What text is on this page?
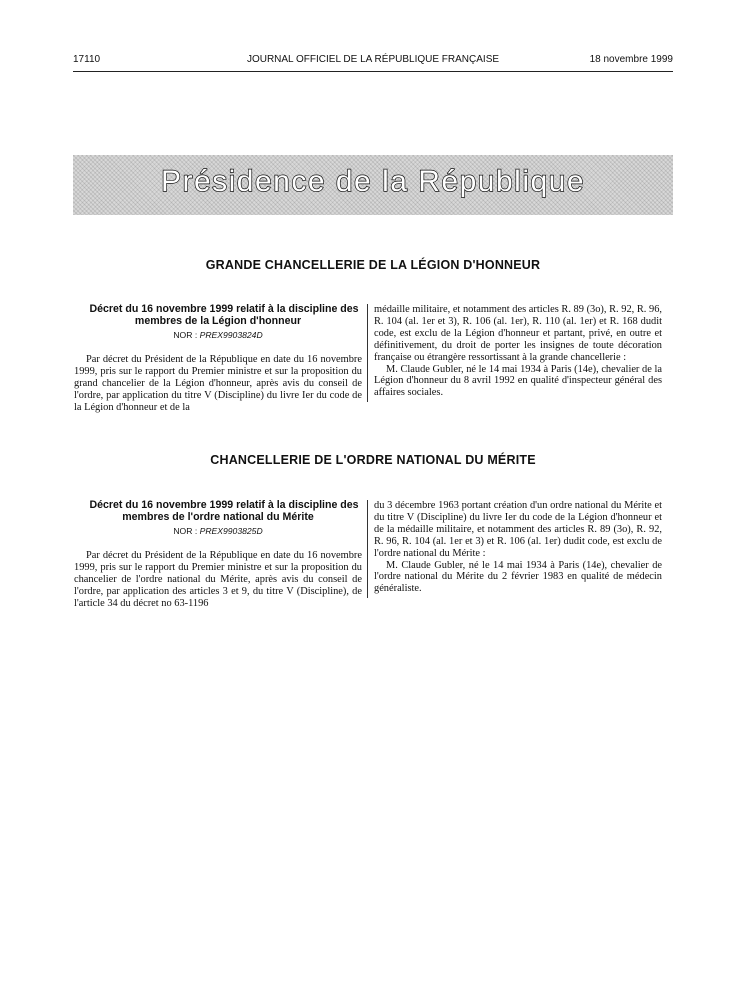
17110	JOURNAL OFFICIEL DE LA RÉPUBLIQUE FRANÇAISE	18 novembre 1999
Présidence de la République
GRANDE CHANCELLERIE DE LA LÉGION D'HONNEUR

Décret du 16 novembre 1999 relatif à la discipline des membres de la Légion d'honneur

NOR : PREX9903824D

Par décret du Président de la République en date du 16 novembre 1999, pris sur le rapport du Premier ministre et sur la proposition du grand chancelier de la Légion d'honneur, après avis du conseil de l'ordre, par application du titre V (Discipline) du livre Ier du code de la Légion d'honneur et de la

médaille militaire, et notamment des articles R. 89 (3o), R. 92, R. 96, R. 104 (al. 1er et 3), R. 106 (al. 1er), R. 110 (al. 1er) et R. 168 dudit code, est exclu de la Légion d'honneur et partant, privé, en outre et définitivement, du droit de porter les insignes de toute décoration française ou étrangère ressortissant à la grande chancellerie :

M. Claude Gubler, né le 14 mai 1934 à Paris (14e), chevalier de la Légion d'honneur du 8 avril 1992 en qualité d'inspecteur général des affaires sociales.

CHANCELLERIE DE L'ORDRE NATIONAL DU MÉRITE

Décret du 16 novembre 1999 relatif à la discipline des membres de l'ordre national du Mérite

NOR : PREX9903825D

Par décret du Président de la République en date du 16 novembre 1999, pris sur le rapport du Premier ministre et sur la proposition du chancelier de l'ordre national du Mérite, après avis du conseil de l'ordre, par application des articles 3 et 9, du titre V (Discipline), de l'article 34 du décret no 63-1196

du 3 décembre 1963 portant création d'un ordre national du Mérite et du titre V (Discipline) du livre Ier du code de la Légion d'honneur et de la médaille militaire, et notamment des articles R. 89 (3o), R. 92, R. 96, R. 104 (al. 1er et 3) et R. 106 (al. 1er) dudit code, est exclu de l'ordre national du Mérite :

M. Claude Gubler, né le 14 mai 1934 à Paris (14e), chevalier de l'ordre national du Mérite du 2 février 1983 en qualité de médecin généraliste.
